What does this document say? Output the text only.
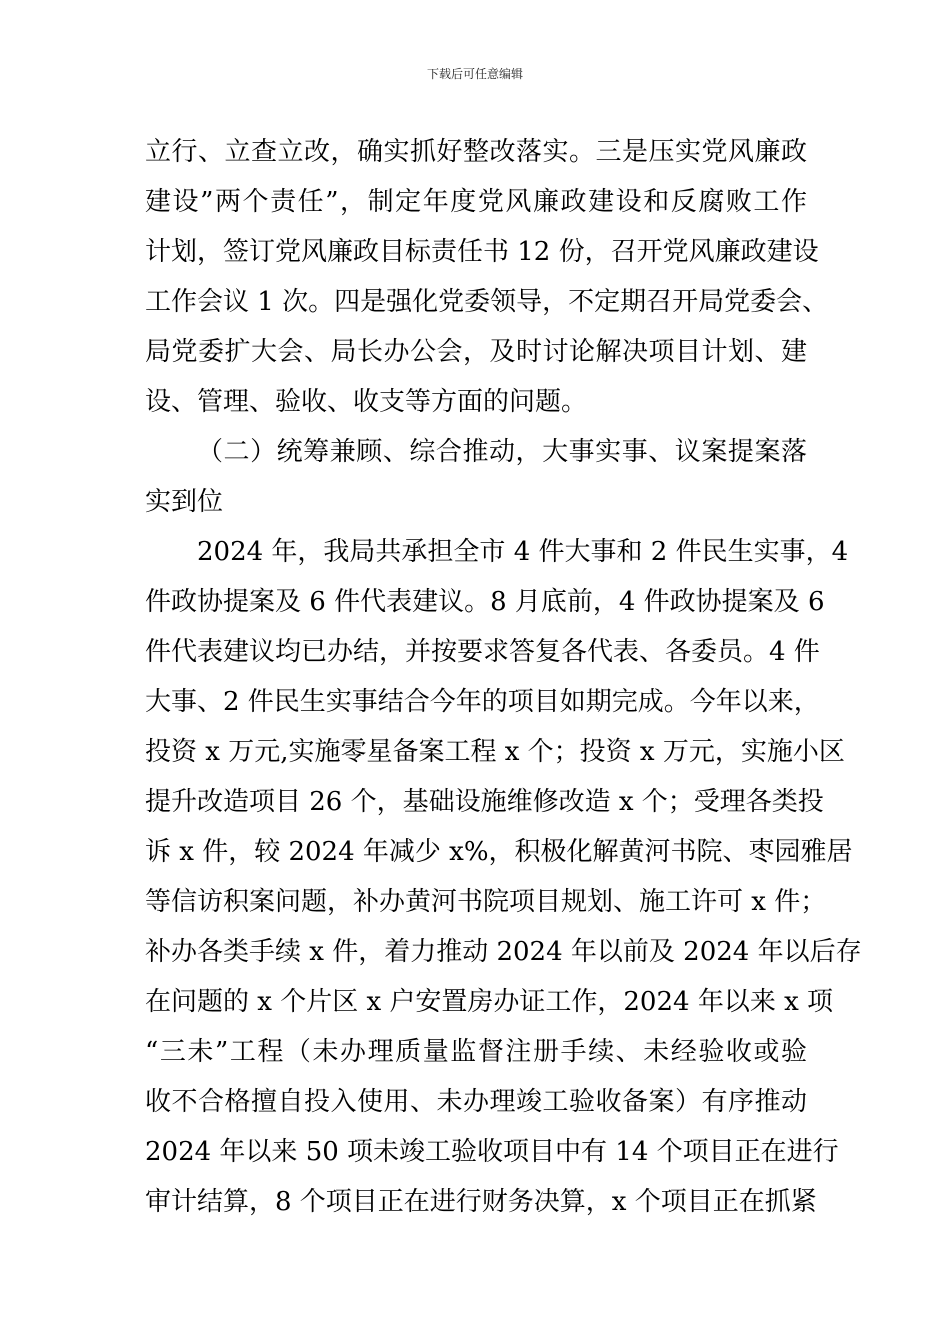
下载后可任意编辑
立行、立查立改，确实抓好整改落实。三是压实党风廉政
建设”两个责任”，制定年度党风廉政建设和反腐败工作
计划，签订党风廉政目标责任书 12 份，召开党风廉政建设
工作会议 1 次。四是强化党委领导，不定期召开局党委会、
局党委扩大会、局长办公会，及时讨论解决项目计划、建
设、管理、验收、收支等方面的问题。
（二）统筹兼顾、综合推动，大事实事、议案提案落
实到位
2024 年，我局共承担全市 4 件大事和 2 件民生实事，4
件政协提案及 6 件代表建议。8 月底前，4 件政协提案及 6
件代表建议均已办结，并按要求答复各代表、各委员。4 件
大事、2 件民生实事结合今年的项目如期完成。今年以来，
投资 x 万元,实施零星备案工程 x 个；投资 x 万元，实施小区
提升改造项目 26 个，基础设施维修改造 x 个；受理各类投
诉 x 件，较 2024 年减少 x%，积极化解黄河书院、枣园雅居
等信访积案问题，补办黄河书院项目规划、施工许可 x 件；
补办各类手续 x 件，着力推动 2024 年以前及 2024 年以后存
在问题的 x 个片区 x 户安置房办证工作，2024 年以来 x 项
“三未”工程（未办理质量监督注册手续、未经验收或验
收不合格擅自投入使用、未办理竣工验收备案）有序推动
2024 年以来 50 项未竣工验收项目中有 14 个项目正在进行
审计结算，8 个项目正在进行财务决算，x 个项目正在抓紧
